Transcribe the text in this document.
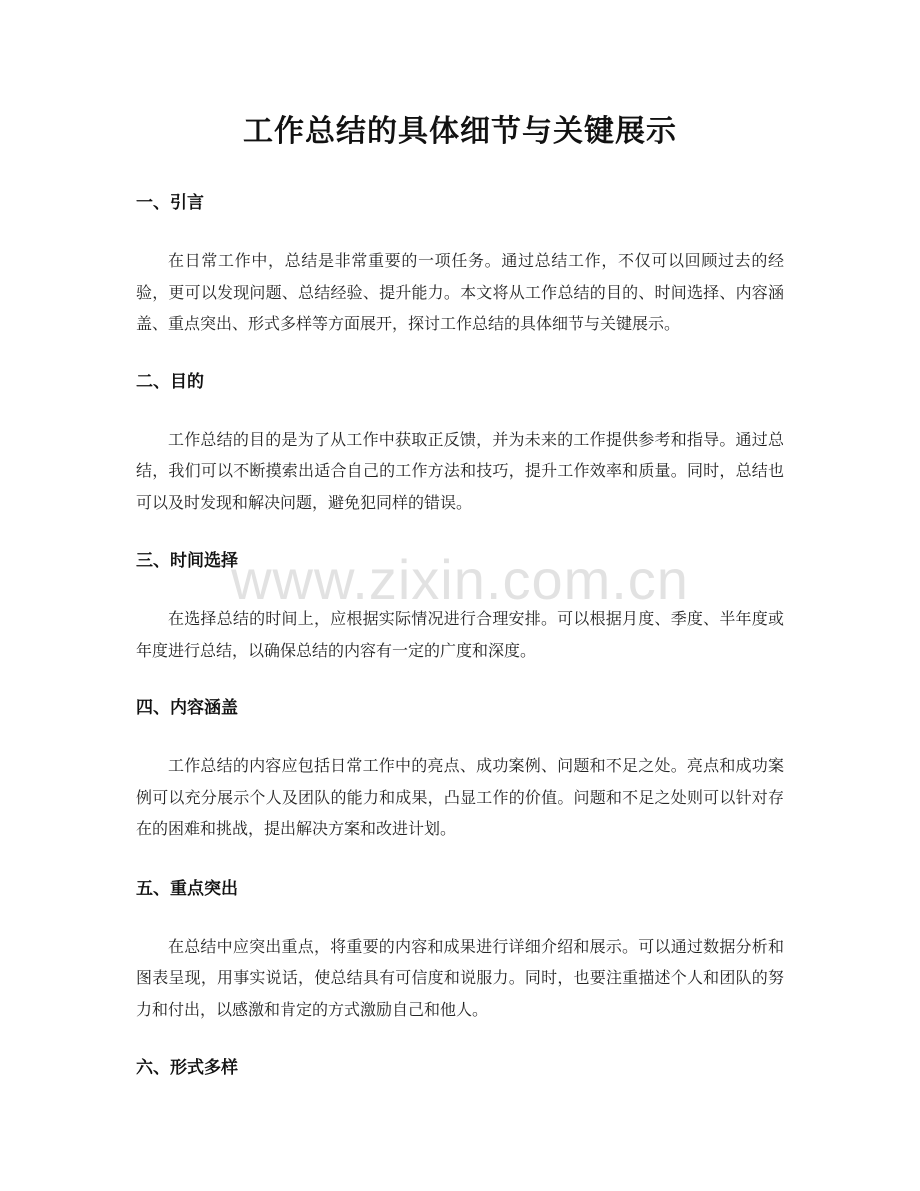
工作总结的具体细节与关键展示
一、引言

在日常工作中，总结是非常重要的一项任务。通过总结工作，不仅可以回顾过去的经验，更可以发现问题、总结经验、提升能力。本文将从工作总结的目的、时间选择、内容涵盖、重点突出、形式多样等方面展开，探讨工作总结的具体细节与关键展示。

二、目的

工作总结的目的是为了从工作中获取正反馈，并为未来的工作提供参考和指导。通过总结，我们可以不断摸索出适合自己的工作方法和技巧，提升工作效率和质量。同时，总结也可以及时发现和解决问题，避免犯同样的错误。

三、时间选择

在选择总结的时间上，应根据实际情况进行合理安排。可以根据月度、季度、半年度或年度进行总结，以确保总结的内容有一定的广度和深度。

四、内容涵盖

工作总结的内容应包括日常工作中的亮点、成功案例、问题和不足之处。亮点和成功案例可以充分展示个人及团队的能力和成果，凸显工作的价值。问题和不足之处则可以针对存在的困难和挑战，提出解决方案和改进计划。

五、重点突出

在总结中应突出重点，将重要的内容和成果进行详细介绍和展示。可以通过数据分析和图表呈现，用事实说话，使总结具有可信度和说服力。同时，也要注重描述个人和团队的努力和付出，以感激和肯定的方式激励自己和他人。

六、形式多样
www.zixin.com.cn
